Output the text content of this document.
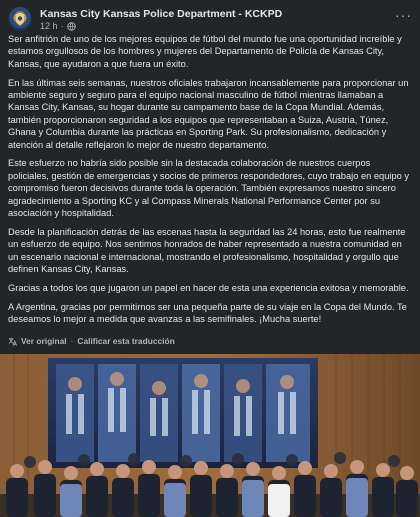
Kansas City Kansas Police Department - KCKPD
12 h ·
···

Ser anfitrión de uno de los mejores equipos de fútbol del mundo fue una oportunidad increíble y estamos orgullosos de los hombres y mujeres del Departamento de Policía de Kansas City, Kansas, que ayudaron a que fuera un éxito.

En las últimas seis semanas, nuestros oficiales trabajaron incansablemente para proporcionar un ambiente seguro y seguro para el equipo nacional masculino de fútbol mientras llamaban a Kansas City, Kansas, su hogar durante su campamento base de la Copa Mundial. Además, también proporcionaron seguridad a los equipos que representaban a Suiza, Austria, Túnez, Ghana y Columbia durante las prácticas en Sporting Park. Su profesionalismo, dedicación y atención al detalle reflejaron lo mejor de nuestro departamento.

Este esfuerzo no habría sido posible sin la destacada colaboración de nuestros cuerpos policiales, gestión de emergencias y socios de primeros respondedores, cuyo trabajo en equipo y compromiso fueron decisivos durante toda la operación. También expresamos nuestro sincero agradecimiento a Sporting KC y al Compass Minerals National Performance Center por su asociación y hospitalidad.

Desde la planificación detrás de las escenas hasta la seguridad las 24 horas, esto fue realmente un esfuerzo de equipo. Nos sentimos honrados de haber representado a nuestra comunidad en un escenario nacional e internacional, mostrando el profesionalismo, hospitalidad y orgullo que definen Kansas City, Kansas.

Gracias a todos los que jugaron un papel en hacer de esta una experiencia exitosa y memorable.

A Argentina, gracias por permitirnos ser una pequeña parte de su viaje en la Copa del Mundo. Te deseamos lo mejor a medida que avanzas a las semifinales. ¡Mucha suerte!

Ver original · Calificar esta traducción
